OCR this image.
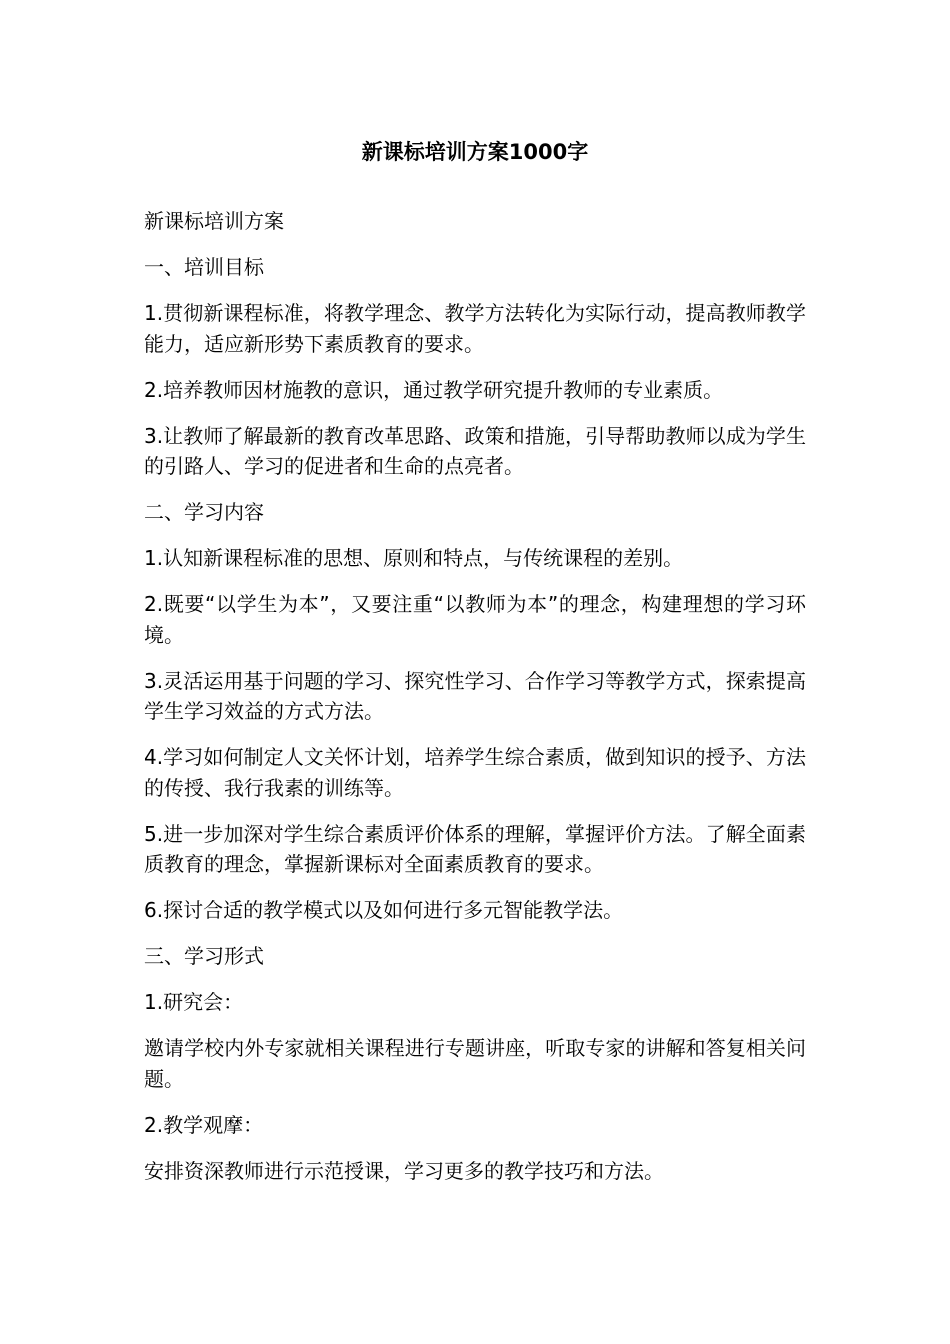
新课标培训方案1000字

新课标培训方案

一、培训目标

1.贯彻新课程标准，将教学理念、教学方法转化为实际行动，提高教师教学能力，适应新形势下素质教育的要求。

2.培养教师因材施教的意识，通过教学研究提升教师的专业素质。

3.让教师了解最新的教育改革思路、政策和措施，引导帮助教师以成为学生的引路人、学习的促进者和生命的点亮者。

二、学习内容

1.认知新课程标准的思想、原则和特点，与传统课程的差别。

2.既要“以学生为本”，又要注重“以教师为本”的理念，构建理想的学习环境。

3.灵活运用基于问题的学习、探究性学习、合作学习等教学方式，探索提高学生学习效益的方式方法。

4.学习如何制定人文关怀计划，培养学生综合素质，做到知识的授予、方法的传授、我行我素的训练等。

5.进一步加深对学生综合素质评价体系的理解，掌握评价方法。了解全面素质教育的理念，掌握新课标对全面素质教育的要求。

6.探讨合适的教学模式以及如何进行多元智能教学法。

三、学习形式

1.研究会：

邀请学校内外专家就相关课程进行专题讲座，听取专家的讲解和答复相关问题。

2.教学观摩：

安排资深教师进行示范授课，学习更多的教学技巧和方法。
